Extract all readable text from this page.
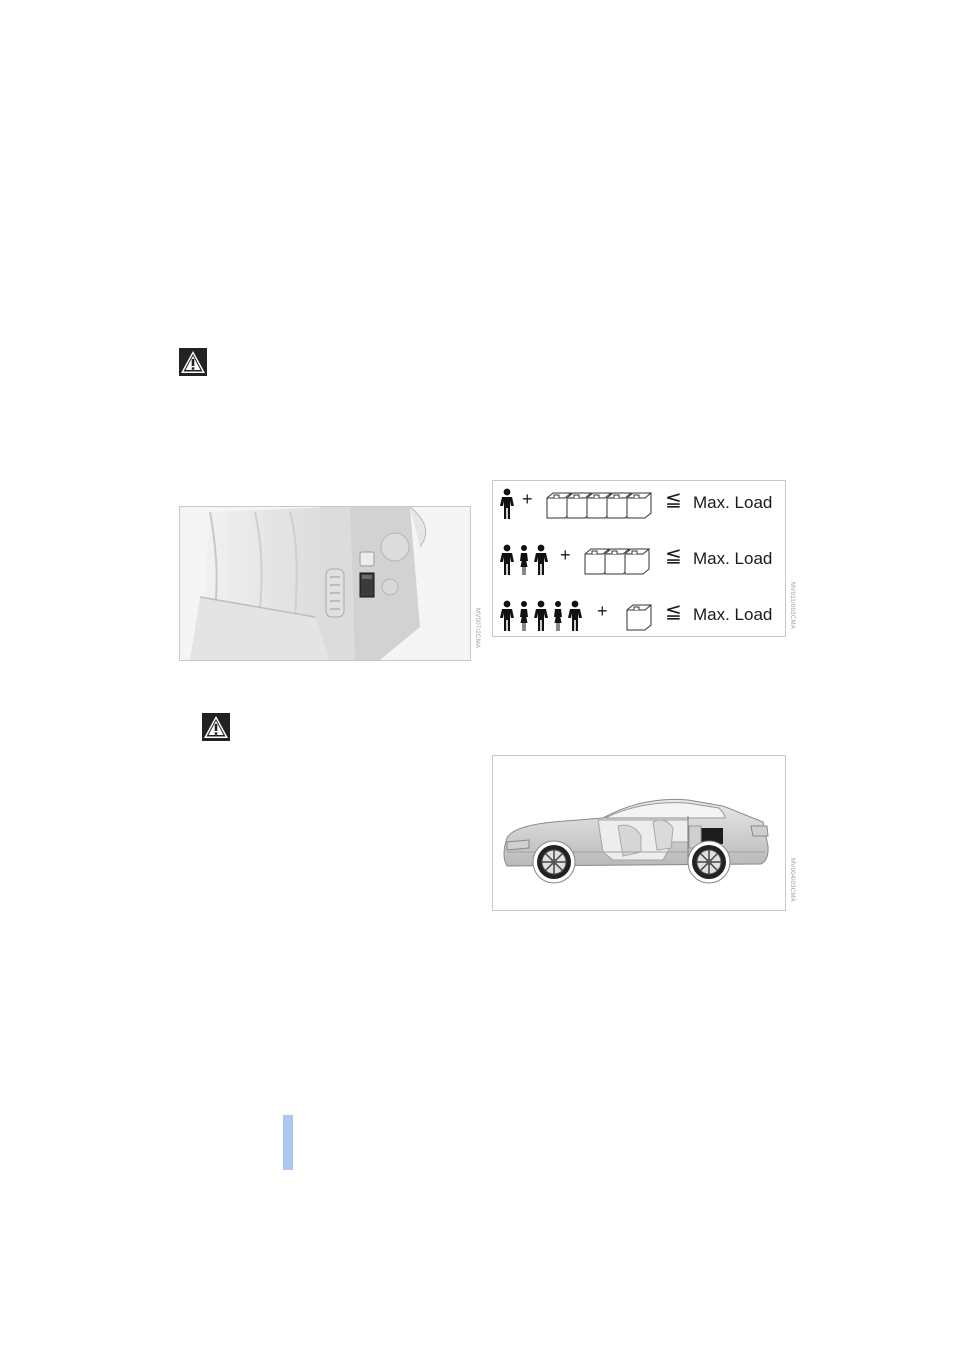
MV007/2CMA
+	≦ Max. Load
+	≦ Max. Load
+	≦ Max. Load	MV011/002CMA
MV004/03CMA
